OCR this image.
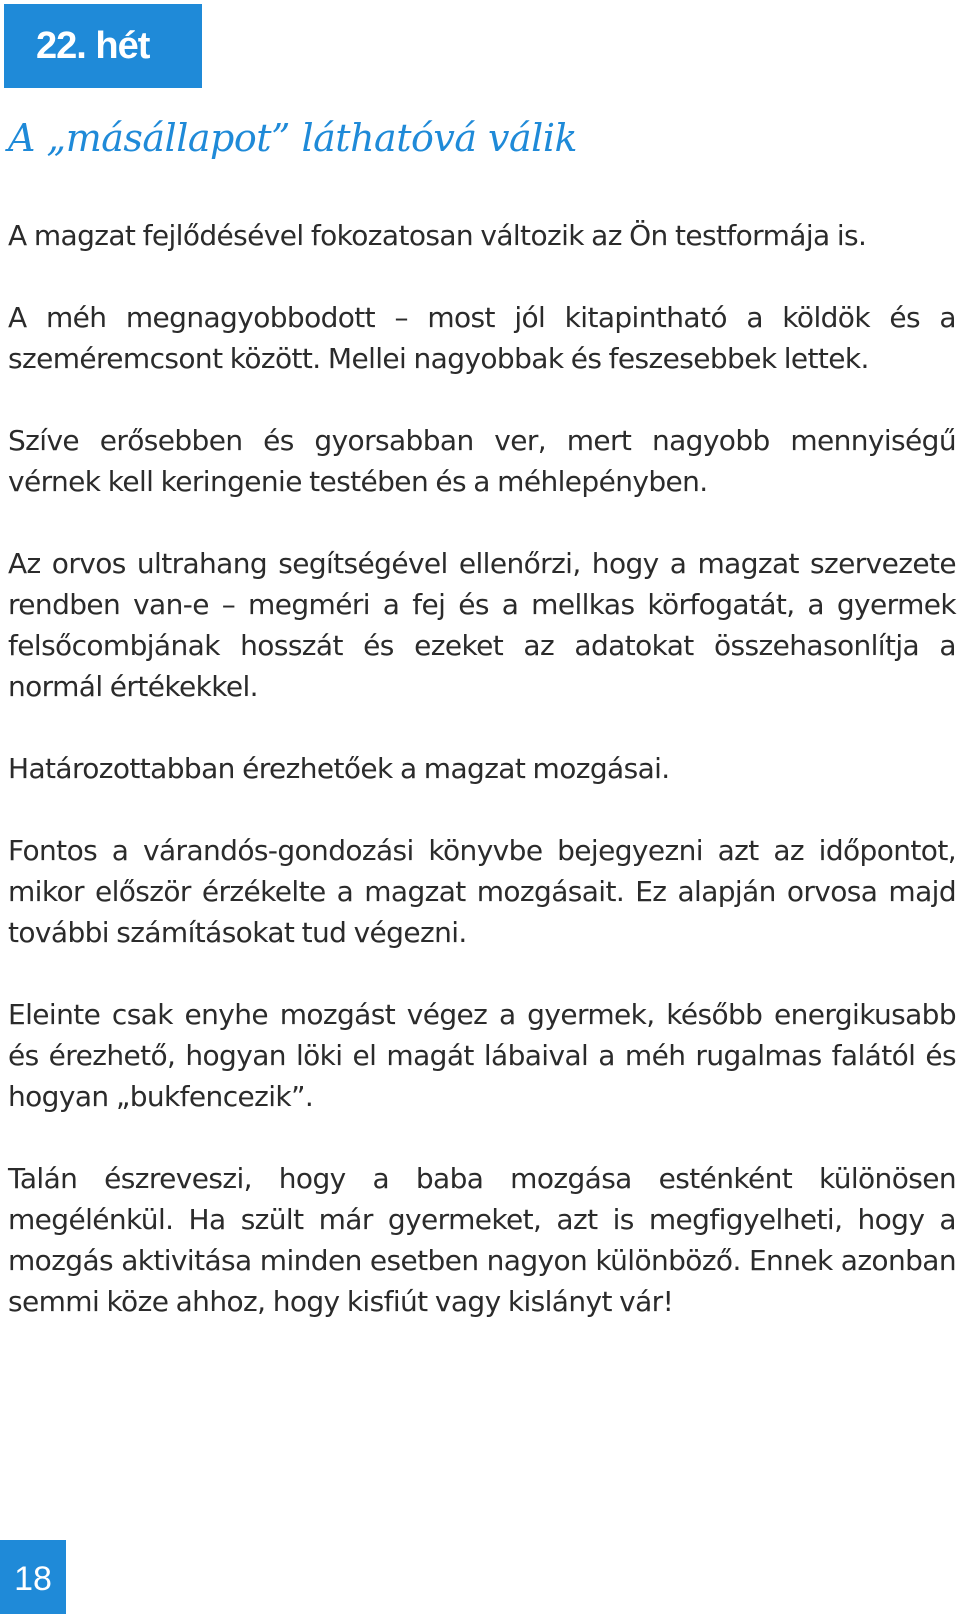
22. hét
A „másállapot” láthatóvá válik

A magzat fejlődésével fokozatosan változik az Ön testformája is.

A méh megnagyobbodott – most jól kitapintható a köldök és a szeméremcsont között. Mellei nagyobbak és feszesebbek lettek.

Szíve erősebben és gyorsabban ver, mert nagyobb mennyiségű vérnek kell keringenie testében és a méhlepényben.

Az orvos ultrahang segítségével ellenőrzi, hogy a magzat szervezete rendben van-e – megméri a fej és a mellkas körfogatát, a gyermek felsőcombjának hosszát és ezeket az adatokat összehasonlítja a normál értékekkel.

Határozottabban érezhetőek a magzat mozgásai.

Fontos a várandós-gondozási könyvbe bejegyezni azt az időpontot, mikor először érzékelte a magzat mozgásait. Ez alapján orvosa majd további számításokat tud végezni.

Eleinte csak enyhe mozgást végez a gyermek, később energikusabb és érezhető, hogyan löki el magát lábaival a méh rugalmas falától és hogyan „bukfencezik”.

Talán észreveszi, hogy a baba mozgása esténként különösen megélénkül. Ha szült már gyermeket, azt is megfigyelheti, hogy a mozgás aktivitása minden esetben nagyon különböző. Ennek azonban semmi köze ahhoz, hogy kisfiút vagy kislányt vár!

18
